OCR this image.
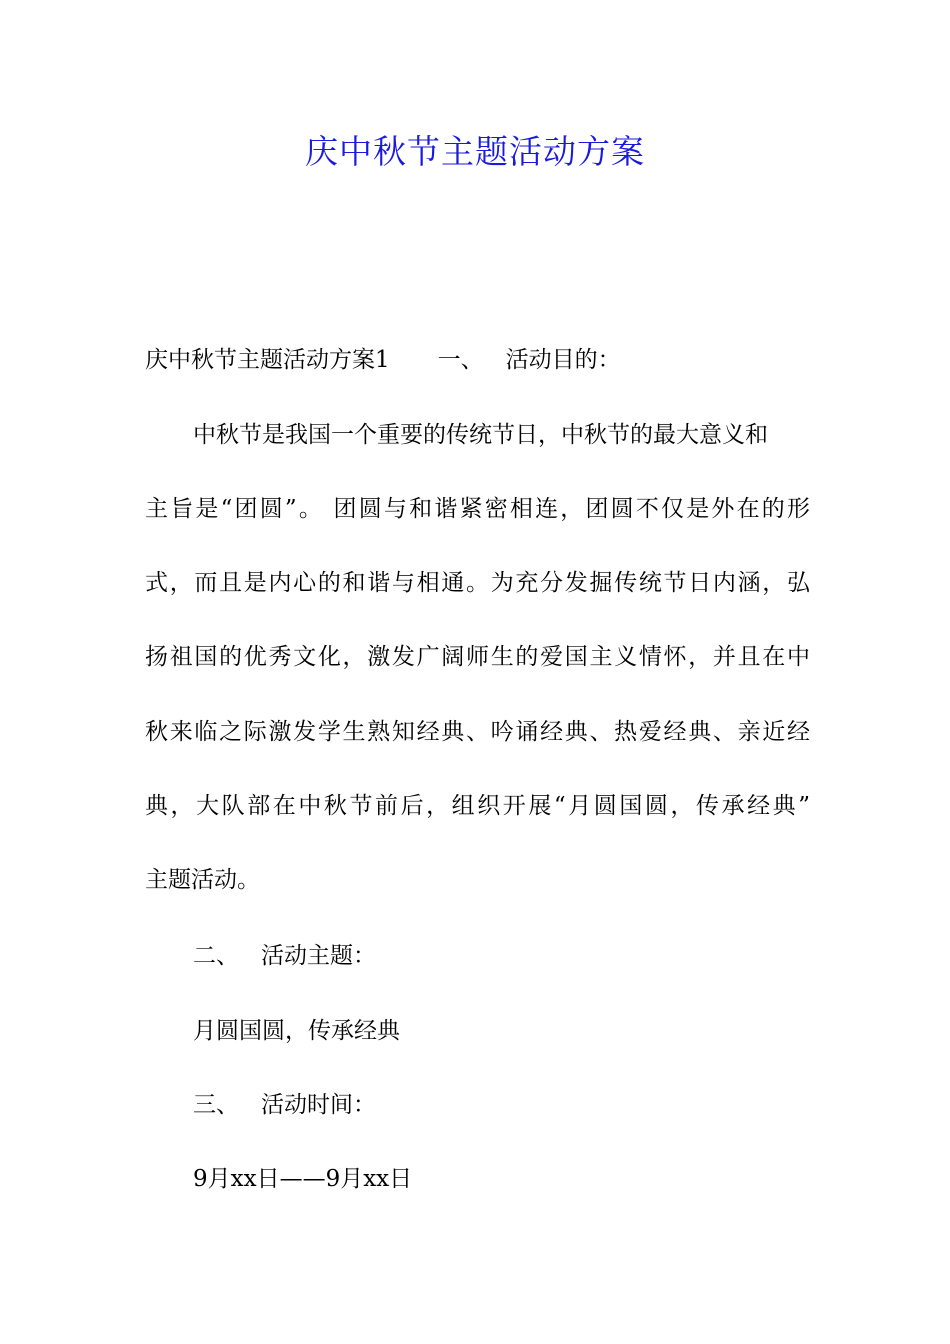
庆中秋节主题活动方案

庆中秋节主题活动方案1 一、 活动目的：

中秋节是我国一个重要的传统节日，中秋节的最大意义和

主旨是“团圆”。 团圆与和谐紧密相连，团圆不仅是外在的形

式，而且是内心的和谐与相通。为充分发掘传统节日内涵，弘

扬祖国的优秀文化，激发广阔师生的爱国主义情怀，并且在中

秋来临之际激发学生熟知经典、吟诵经典、热爱经典、亲近经

典，大队部在中秋节前后，组织开展“月圆国圆，传承经典”

主题活动。

二、 活动主题：

月圆国圆，传承经典

三、 活动时间：

9月xx日——9月xx日
